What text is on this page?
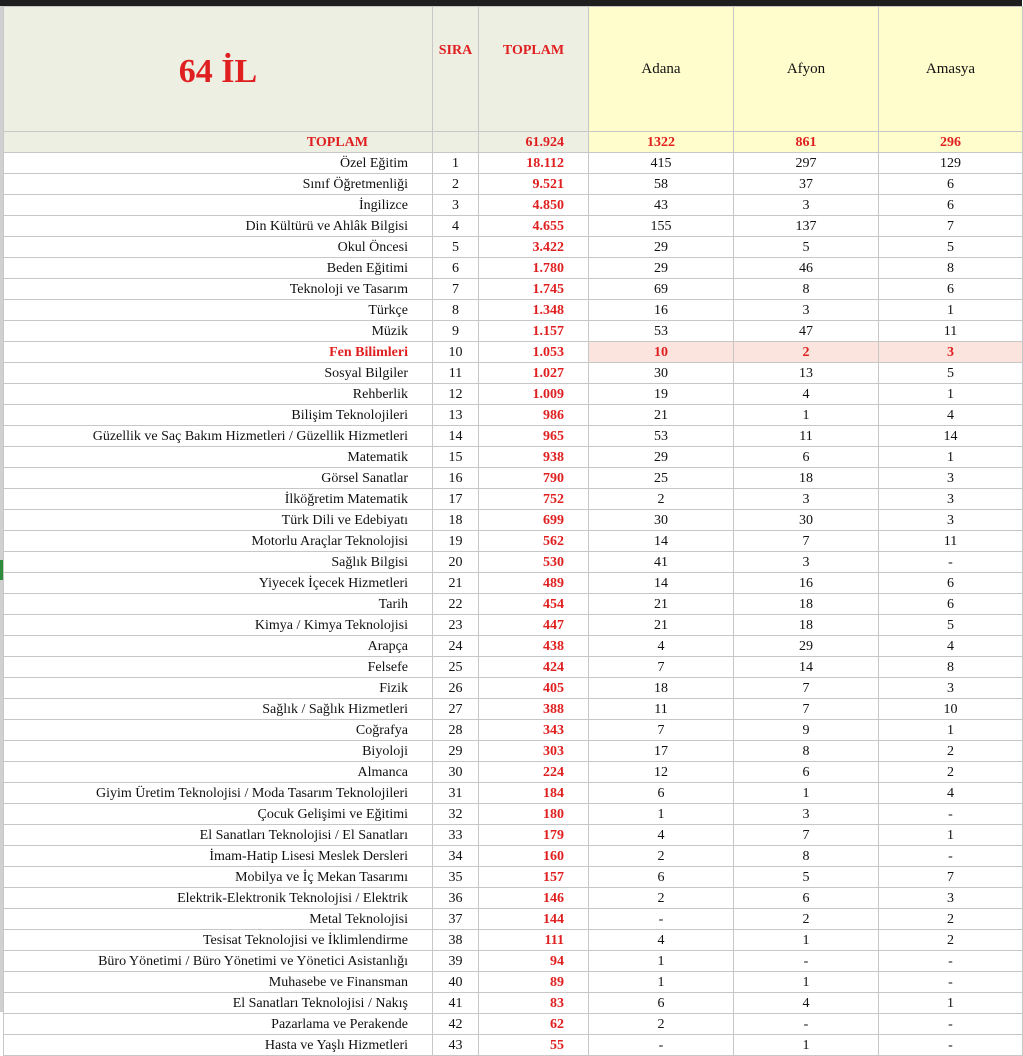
64 İL	SIRA	TOPLAM	Adana	Afyon	Amasya
TOPLAM		61.924	1322	861	296
Özel Eğitim	1	18.112	415	297	129
Sınıf Öğretmenliği	2	9.521	58	37	6
İngilizce	3	4.850	43	3	6
Din Kültürü ve Ahlâk Bilgisi	4	4.655	155	137	7
Okul Öncesi	5	3.422	29	5	5
Beden Eğitimi	6	1.780	29	46	8
Teknoloji ve Tasarım	7	1.745	69	8	6
Türkçe	8	1.348	16	3	1
Müzik	9	1.157	53	47	11
Fen Bilimleri	10	1.053	10	2	3
Sosyal Bilgiler	11	1.027	30	13	5
Rehberlik	12	1.009	19	4	1
Bilişim Teknolojileri	13	986	21	1	4
Güzellik ve Saç Bakım Hizmetleri / Güzellik Hizmetleri	14	965	53	11	14
Matematik	15	938	29	6	1
Görsel Sanatlar	16	790	25	18	3
İlköğretim Matematik	17	752	2	3	3
Türk Dili ve Edebiyatı	18	699	30	30	3
Motorlu Araçlar Teknolojisi	19	562	14	7	11
Sağlık Bilgisi	20	530	41	3	-
Yiyecek İçecek Hizmetleri	21	489	14	16	6
Tarih	22	454	21	18	6
Kimya / Kimya Teknolojisi	23	447	21	18	5
Arapça	24	438	4	29	4
Felsefe	25	424	7	14	8
Fizik	26	405	18	7	3
Sağlık / Sağlık Hizmetleri	27	388	11	7	10
Coğrafya	28	343	7	9	1
Biyoloji	29	303	17	8	2
Almanca	30	224	12	6	2
Giyim Üretim Teknolojisi / Moda Tasarım Teknolojileri	31	184	6	1	4
Çocuk Gelişimi ve Eğitimi	32	180	1	3	-
El Sanatları Teknolojisi / El Sanatları	33	179	4	7	1
İmam-Hatip Lisesi Meslek Dersleri	34	160	2	8	-
Mobilya ve İç Mekan Tasarımı	35	157	6	5	7
Elektrik-Elektronik Teknolojisi / Elektrik	36	146	2	6	3
Metal Teknolojisi	37	144	-	2	2
Tesisat Teknolojisi ve İklimlendirme	38	111	4	1	2
Büro Yönetimi / Büro Yönetimi ve Yönetici Asistanlığı	39	94	1	-	-
Muhasebe ve Finansman	40	89	1	1	-
El Sanatları Teknolojisi / Nakış	41	83	6	4	1
Pazarlama ve Perakende	42	62	2	-	-
Hasta ve Yaşlı Hizmetleri	43	55	-	1	-
